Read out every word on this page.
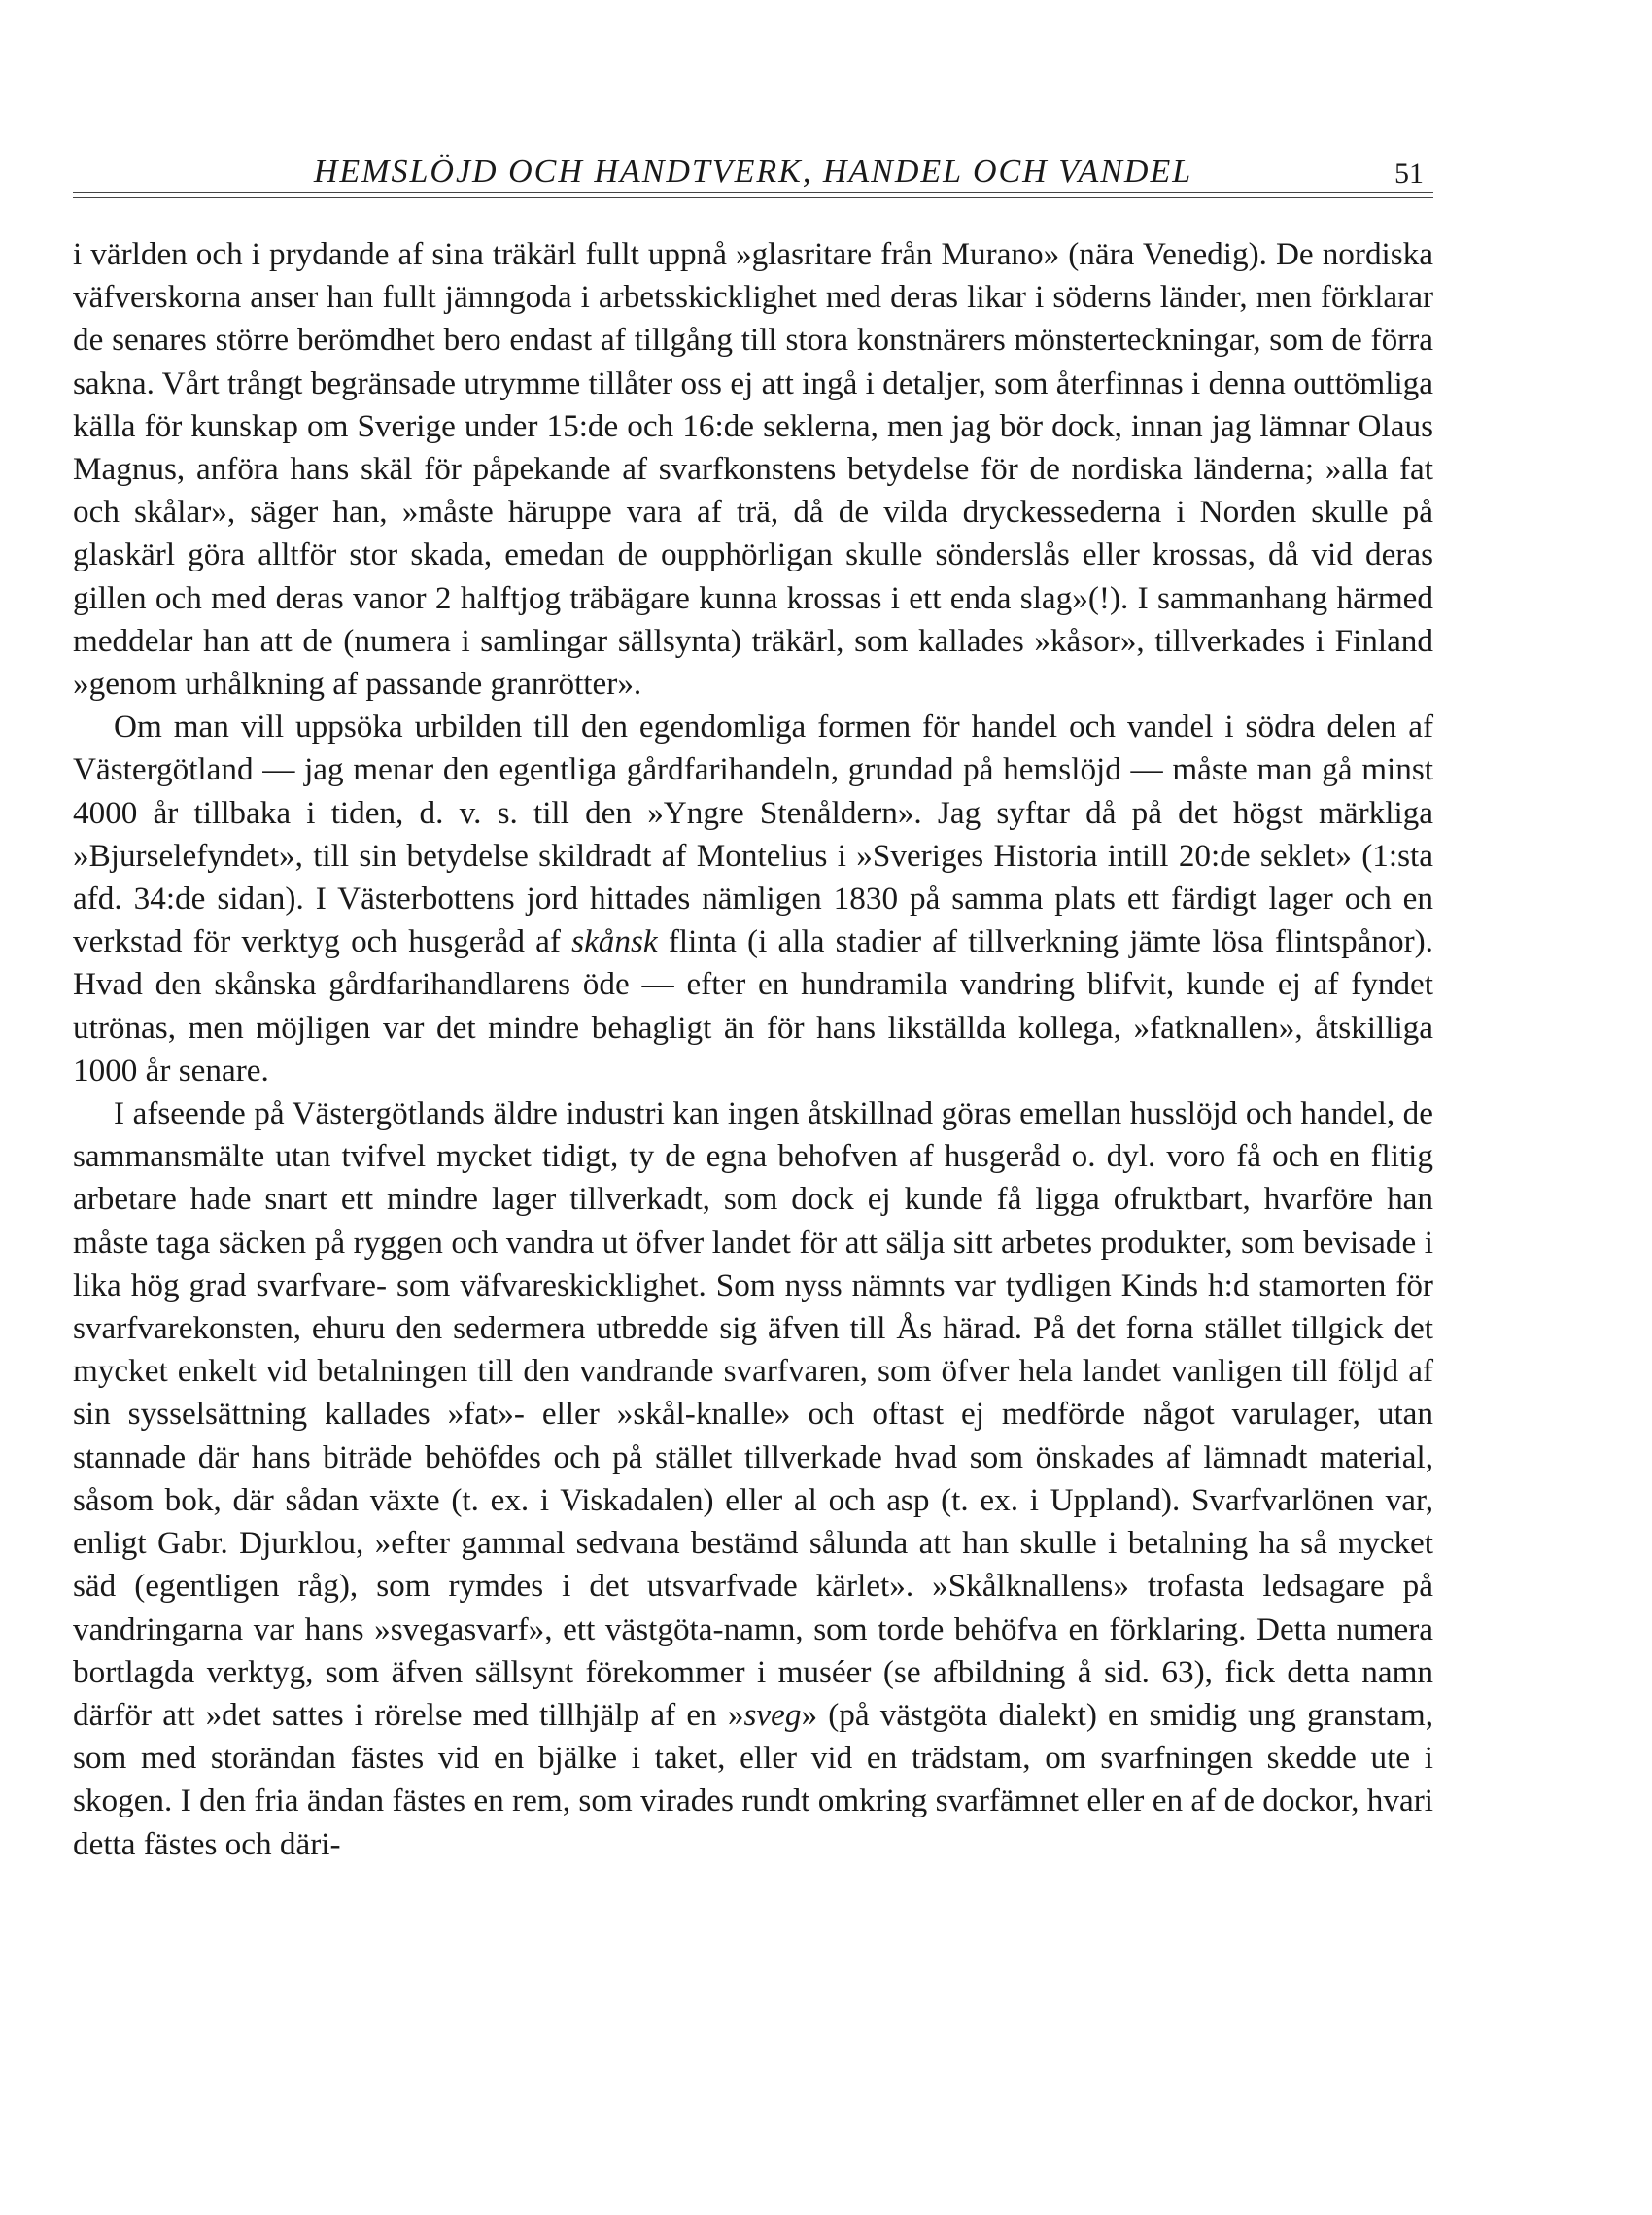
HEMSLÖJD OCH HANDTVERK, HANDEL OCH VANDEL	51

i världen och i prydande af sina träkärl fullt uppnå »glasritare från Murano» (nära Venedig). De nordiska väfverskorna anser han fullt jämngoda i arbetsskicklighet med deras likar i söderns länder, men förklarar de senares större berömdhet bero endast af tillgång till stora konstnärers mönsterteckningar, som de förra sakna. Vårt trångt begränsade utrymme tillåter oss ej att ingå i detaljer, som återfinnas i denna outtömliga källa för kunskap om Sverige under 15:de och 16:de seklerna, men jag bör dock, innan jag lämnar Olaus Magnus, anföra hans skäl för påpekande af svarfkonstens betydelse för de nordiska länderna; »alla fat och skålar», säger han, »måste häruppe vara af trä, då de vilda dryckessederna i Norden skulle på glaskärl göra alltför stor skada, emedan de oupphörligan skulle sönderslås eller krossas, då vid deras gillen och med deras vanor 2 halftjog träbägare kunna krossas i ett enda slag»(!). I sammanhang härmed meddelar han att de (numera i samlingar sällsynta) träkärl, som kallades »kåsor», tillverkades i Finland »genom urhålkning af passande granrötter».

Om man vill uppsöka urbilden till den egendomliga formen för handel och vandel i södra delen af Västergötland — jag menar den egentliga gårdfarihandeln, grundad på hemslöjd — måste man gå minst 4000 år tillbaka i tiden, d. v. s. till den »Yngre Stenåldern». Jag syftar då på det högst märkliga »Bjurselefyndet», till sin betydelse skildradt af Montelius i »Sveriges Historia intill 20:de seklet» (1:sta afd. 34:de sidan). I Västerbottens jord hittades nämligen 1830 på samma plats ett färdigt lager och en verkstad för verktyg och husgeråd af skånsk flinta (i alla stadier af tillverkning jämte lösa flintspånor). Hvad den skånska gårdfarihandlarens öde — efter en hundramila vandring blifvit, kunde ej af fyndet utrönas, men möjligen var det mindre behagligt än för hans likställda kollega, »fatknallen», åtskilliga 1000 år senare.

I afseende på Västergötlands äldre industri kan ingen åtskillnad göras emellan husslöjd och handel, de sammansmälte utan tvifvel mycket tidigt, ty de egna behofven af husgeråd o. dyl. voro få och en flitig arbetare hade snart ett mindre lager tillverkadt, som dock ej kunde få ligga ofruktbart, hvarföre han måste taga säcken på ryggen och vandra ut öfver landet för att sälja sitt arbetes produkter, som bevisade i lika hög grad svarfvare- som väfvareskicklighet. Som nyss nämnts var tydligen Kinds h:d stamorten för svarfvarekonsten, ehuru den sedermera utbredde sig äfven till Ås härad. På det forna stället tillgick det mycket enkelt vid betalningen till den vandrande svarfvaren, som öfver hela landet vanligen till följd af sin sysselsättning kallades »fat»- eller »skål-knalle» och oftast ej medförde något varulager, utan stannade där hans biträde behöfdes och på stället tillverkade hvad som önskades af lämnadt material, såsom bok, där sådan växte (t. ex. i Viskadalen) eller al och asp (t. ex. i Uppland). Svarfvarlönen var, enligt Gabr. Djurklou, »efter gammal sedvana bestämd sålunda att han skulle i betalning ha så mycket säd (egentligen råg), som rymdes i det utsvarfvade kärlet». »Skålknallens» trofasta ledsagare på vandringarna var hans »svegasvarf», ett västgöta-namn, som torde behöfva en förklaring. Detta numera bortlagda verktyg, som äfven sällsynt förekommer i muséer (se afbildning å sid. 63), fick detta namn därför att »det sattes i rörelse med tillhjälp af en »sveg» (på västgöta dialekt) en smidig ung granstam, som med storändan fästes vid en bjälke i taket, eller vid en trädstam, om svarfningen skedde ute i skogen. I den fria ändan fästes en rem, som virades rundt omkring svarfämnet eller en af de dockor, hvari detta fästes och däri-
